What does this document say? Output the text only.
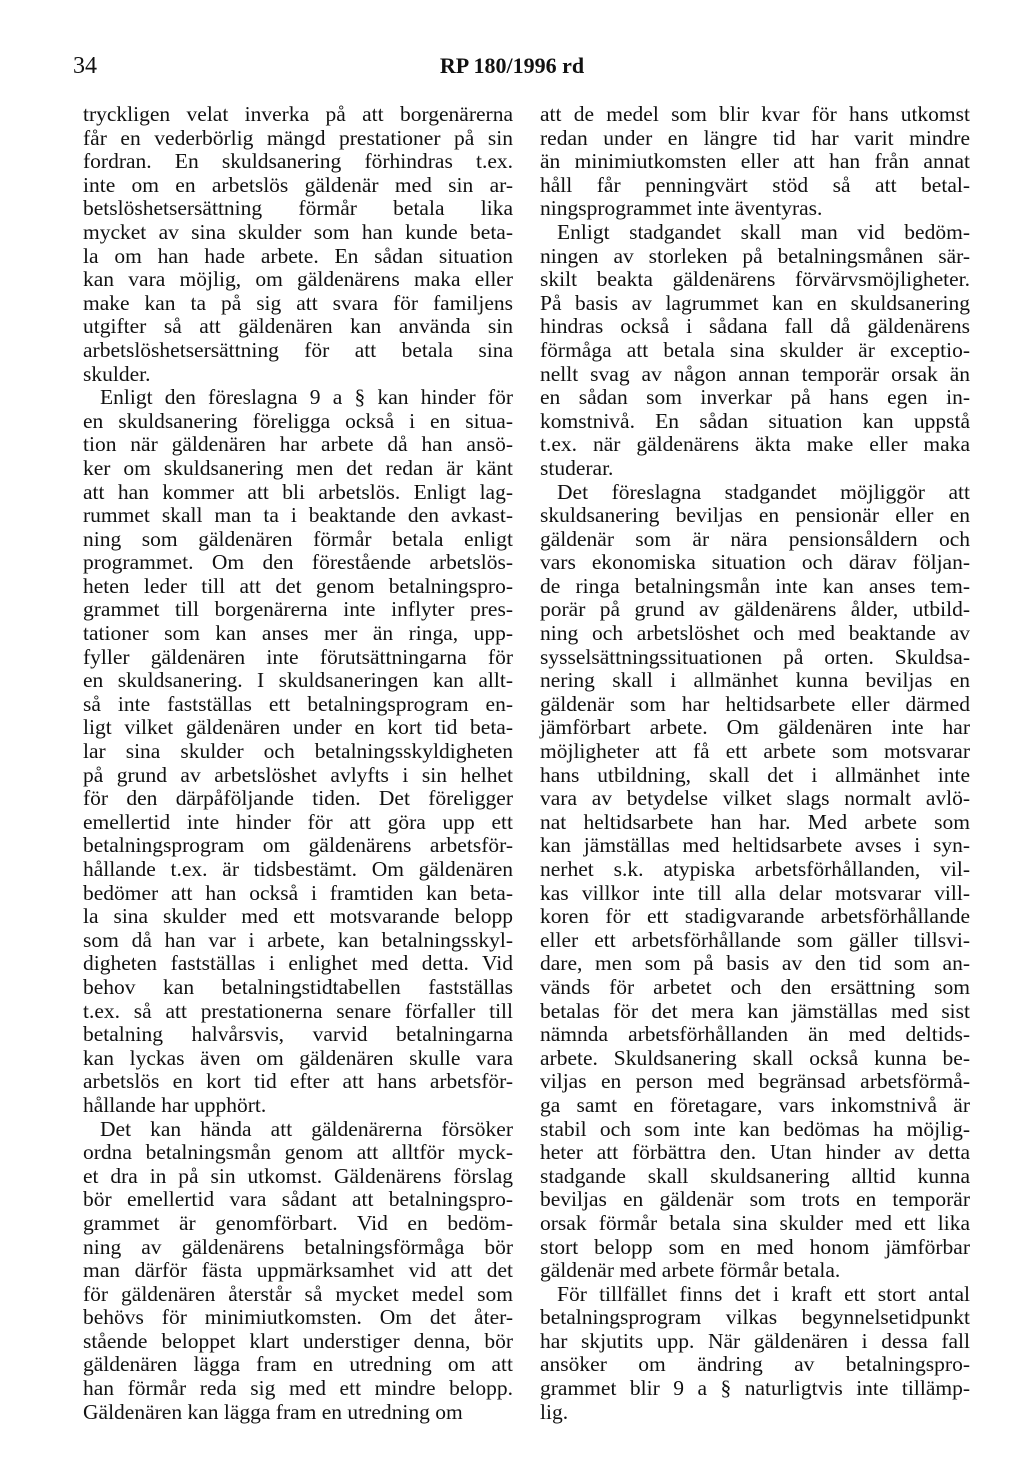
34	RP 180/1996 rd
tryckligen velat inverka på att borgenärerna
får en vederbörlig mängd prestationer på sin
fordran. En skuldsanering förhindras t.ex.
inte om en arbetslös gäldenär med sin ar-
betslöshetsersättning förmår betala lika
mycket av sina skulder som han kunde beta-
la om han hade arbete. En sådan situation
kan vara möjlig, om gäldenärens maka eller
make kan ta på sig att svara för familjens
utgifter så att gäldenären kan använda sin
arbetslöshetsersättning för att betala sina
skulder.
Enligt den föreslagna 9 a § kan hinder för
en skuldsanering föreligga också i en situa-
tion när gäldenären har arbete då han ansö-
ker om skuldsanering men det redan är känt
att han kommer att bli arbetslös. Enligt lag-
rummet skall man ta i beaktande den avkast-
ning som gäldenären förmår betala enligt
programmet. Om den förestående arbetslös-
heten leder till att det genom betalningspro-
grammet till borgenärerna inte inflyter pres-
tationer som kan anses mer än ringa, upp-
fyller gäldenären inte förutsättningarna för
en skuldsanering. I skuldsaneringen kan allt-
så inte fastställas ett betalningsprogram en-
ligt vilket gäldenären under en kort tid beta-
lar sina skulder och betalningsskyldigheten
på grund av arbetslöshet avlyfts i sin helhet
för den därpåföljande tiden. Det föreligger
emellertid inte hinder för att göra upp ett
betalningsprogram om gäldenärens arbetsför-
hållande t.ex. är tidsbestämt. Om gäldenären
bedömer att han också i framtiden kan beta-
la sina skulder med ett motsvarande belopp
som då han var i arbete, kan betalningsskyl-
digheten fastställas i enlighet med detta. Vid
behov kan betalningstidtabellen fastställas
t.ex. så att prestationerna senare förfaller till
betalning halvårsvis, varvid betalningarna
kan lyckas även om gäldenären skulle vara
arbetslös en kort tid efter att hans arbetsför-
hållande har upphört.
Det kan hända att gäldenärerna försöker
ordna betalningsmån genom att alltför myck-
et dra in på sin utkomst. Gäldenärens förslag
bör emellertid vara sådant att betalningspro-
grammet är genomförbart. Vid en bedöm-
ning av gäldenärens betalningsförmåga bör
man därför fästa uppmärksamhet vid att det
för gäldenären återstår så mycket medel som
behövs för minimiutkomsten. Om det åter-
stående beloppet klart understiger denna, bör
gäldenären lägga fram en utredning om att
han förmår reda sig med ett mindre belopp.
Gäldenären kan lägga fram en utredning om
att de medel som blir kvar för hans utkomst
redan under en längre tid har varit mindre
än minimiutkomsten eller att han från annat
håll får penningvärt stöd så att betal-
ningsprogrammet inte äventyras.
Enligt stadgandet skall man vid bedöm-
ningen av storleken på betalningsmånen sär-
skilt beakta gäldenärens förvärvsmöjligheter.
På basis av lagrummet kan en skuldsanering
hindras också i sådana fall då gäldenärens
förmåga att betala sina skulder är exceptio-
nellt svag av någon annan temporär orsak än
en sådan som inverkar på hans egen in-
komstnivå. En sådan situation kan uppstå
t.ex. när gäldenärens äkta make eller maka
studerar.
Det föreslagna stadgandet möjliggör att
skuldsanering beviljas en pensionär eller en
gäldenär som är nära pensionsåldern och
vars ekonomiska situation och därav följan-
de ringa betalningsmån inte kan anses tem-
porär på grund av gäldenärens ålder, utbild-
ning och arbetslöshet och med beaktande av
sysselsättningssituationen på orten. Skuldsa-
nering skall i allmänhet kunna beviljas en
gäldenär som har heltidsarbete eller därmed
jämförbart arbete. Om gäldenären inte har
möjligheter att få ett arbete som motsvarar
hans utbildning, skall det i allmänhet inte
vara av betydelse vilket slags normalt avlö-
nat heltidsarbete han har. Med arbete som
kan jämställas med heltidsarbete avses i syn-
nerhet s.k. atypiska arbetsförhållanden, vil-
kas villkor inte till alla delar motsvarar vill-
koren för ett stadigvarande arbetsförhållande
eller ett arbetsförhållande som gäller tillsvi-
dare, men som på basis av den tid som an-
vänds för arbetet och den ersättning som
betalas för det mera kan jämställas med sist
nämnda arbetsförhållanden än med deltids-
arbete. Skuldsanering skall också kunna be-
viljas en person med begränsad arbetsförmå-
ga samt en företagare, vars inkomstnivå är
stabil och som inte kan bedömas ha möjlig-
heter att förbättra den. Utan hinder av detta
stadgande skall skuldsanering alltid kunna
beviljas en gäldenär som trots en temporär
orsak förmår betala sina skulder med ett lika
stort belopp som en med honom jämförbar
gäldenär med arbete förmår betala.
För tillfället finns det i kraft ett stort antal
betalningsprogram vilkas begynnelsetidpunkt
har skjutits upp. När gäldenären i dessa fall
ansöker om ändring av betalningspro-
grammet blir 9 a § naturligtvis inte tillämp-
lig.
